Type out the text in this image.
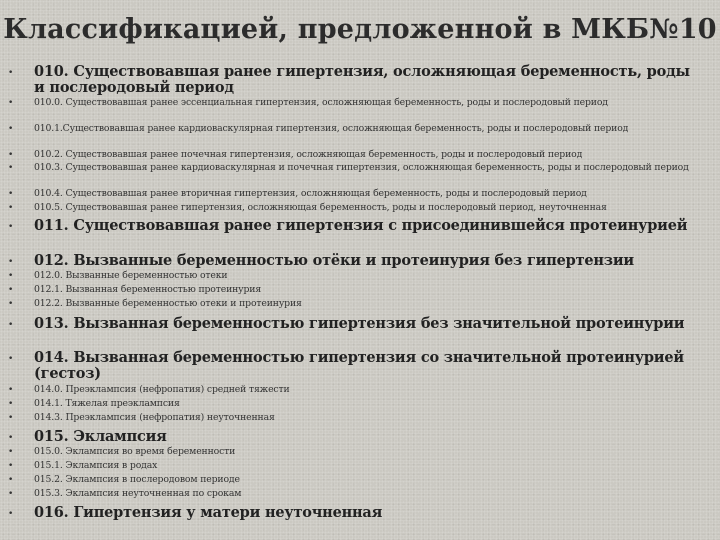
Классификацией, предложенной в МКБ№10
•	010. Существовавшая ранее гипертензия, осложняющая беременность, роды и послеродовый период
•	010.0. Существовавшая ранее эссенциальная гипертензия, осложняющая беременность, роды и послеродовый период
•	010.1.Существовавшая ранее кардиоваскулярная гипертензия, осложняющая беременность, роды и послеродовый период
•	010.2. Существовавшая ранее почечная гипертензия, осложняющая беременность, роды и послеродовый период
•	010.3. Существовавшая ранее кардиоваскулярная и почечная гипертензия, осложняющая беременность, роды и послеродовый период
•	010.4. Существовавшая ранее вторичная гипертензия, осложняющая беременность, роды и послеродовый период
•	010.5. Существовавшая ранее гипертензия, осложняющая беременность, роды и послеродовый период, неуточненная
•	011. Существовавшая ранее гипертензия с присоединившейся протеинурией
•	012. Вызванные беременностью отёки и протеинурия без гипертензии
•	012.0. Вызванные беременностью отеки
•	012.1. Вызванная беременностью протеинурия
•	012.2. Вызванные беременностью отеки и протеинурия
•	013. Вызванная беременностью гипертензия без значительной протеинурии
•	014. Вызванная беременностью гипертензия со значительной протеинурией (гестоз)
•	014.0. Преэклампсия (нефропатия) средней тяжести
•	014.1. Тяжелая преэклампсия
•	014.3. Преэклампсия (нефропатия) неуточненная
•	015. Эклампсия
•	015.0. Эклампсия во время беременности
•	015.1. Эклампсия в родах
•	015.2. Эклампсия в послеродовом периоде
•	015.3. Эклампсия неуточненная по срокам
•	016. Гипертензия у матери неуточненная
